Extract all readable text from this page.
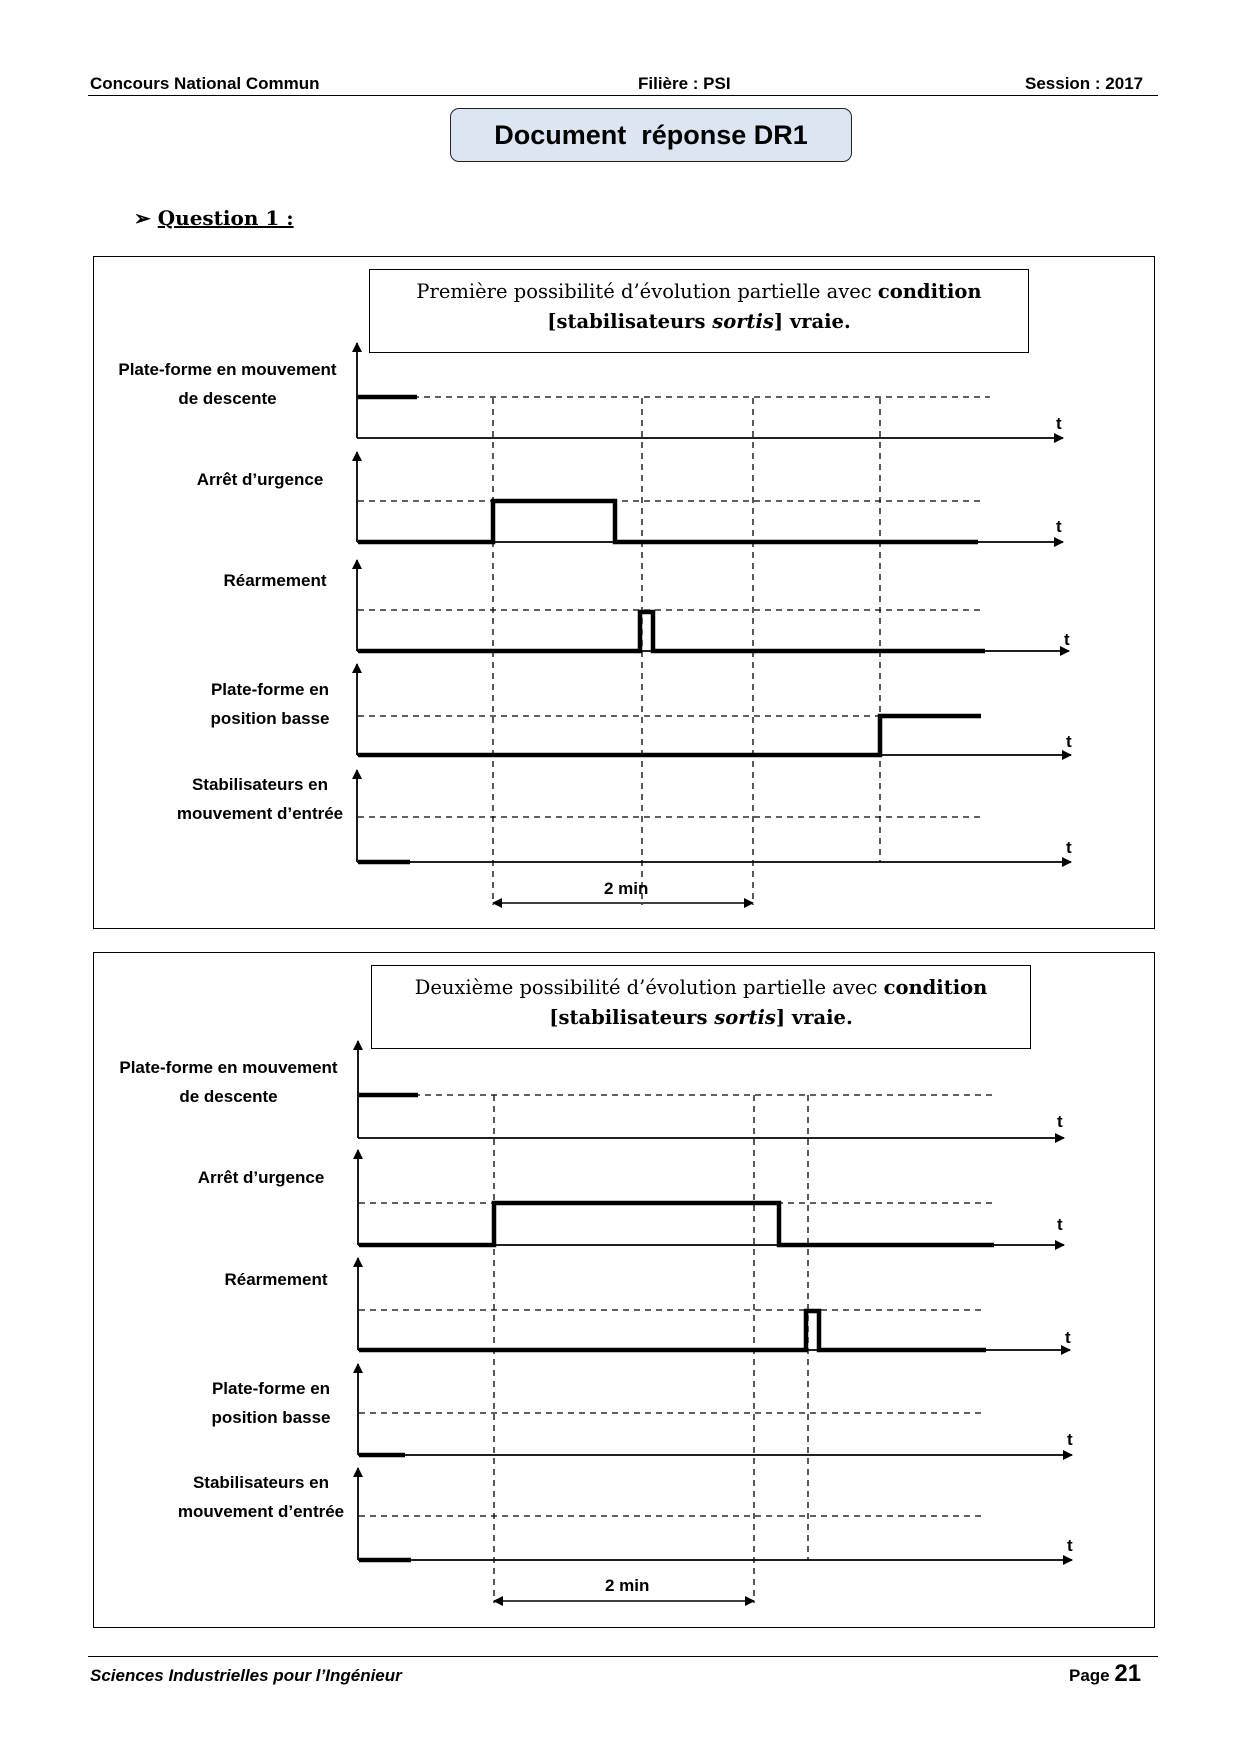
Concours National Commun	Filière : PSI	Session : 2017
Document  réponse DR1
➢ Question 1 :
Première possibilité d’évolution partielle avec condition
[stabilisateurs sortis] vraie.
Deuxième possibilité d’évolution partielle avec condition
[stabilisateurs sortis] vraie.
Plate-forme en mouvement
de descente
Arrêt d’urgence
Réarmement
Plate-forme en
position basse
Stabilisateurs en
mouvement d’entrée
Plate-forme en mouvement
de descente
Arrêt d’urgence
Réarmement
Plate-forme en
position basse
Stabilisateurs en
mouvement d’entrée
t
t
t
t
t
t
t
t
t
t
2 min
2 min
Sciences Industrielles pour l’Ingénieur	Page 21
